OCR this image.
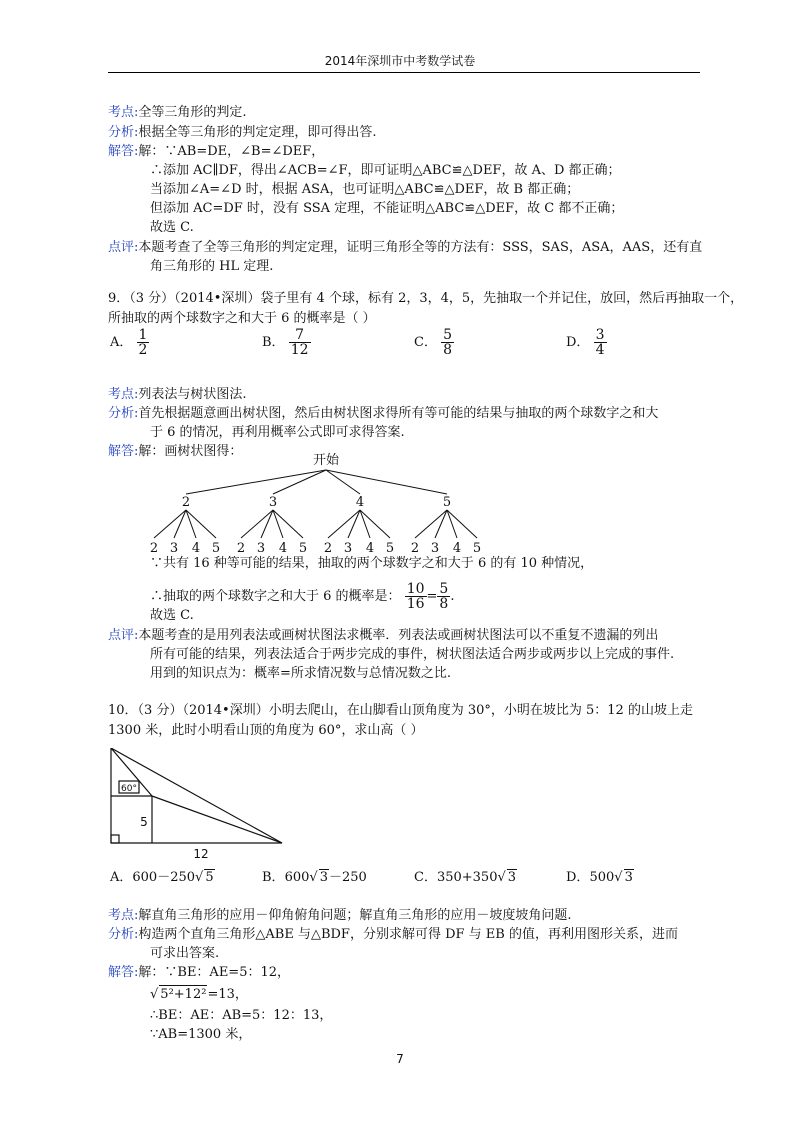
2014年深圳市中考数学试卷
考点:全等三角形的判定.
分析:根据全等三角形的判定定理，即可得出答.
解答:解：∵AB=DE，∠B=∠DEF，
∴添加 AC∥DF，得出∠ACB=∠F，即可证明△ABC≌△DEF，故 A、D 都正确；
当添加∠A=∠D 时，根据 ASA，也可证明△ABC≌△DEF，故 B 都正确；
但添加 AC=DF 时，没有 SSA 定理，不能证明△ABC≌△DEF，故 C 都不正确；
故选 C.
点评:本题考查了全等三角形的判定定理，证明三角形全等的方法有：SSS，SAS，ASA，AAS，还有直
角三角形的 HL 定理.
9．（3 分）（2014•深圳）袋子里有 4 个球，标有 2，3，4，5，先抽取一个并记住，放回，然后再抽取一个，
所抽取的两个球数字之和大于 6 的概率是（ ）
A． $\frac{1}{2}$	B． $\frac{7}{12}$	C． $\frac{5}{8}$	D． $\frac{3}{4}$
考点:列表法与树状图法.
分析:首先根据题意画出树状图，然后由树状图求得所有等可能的结果与抽取的两个球数字之和大
于 6 的情况，再利用概率公式即可求得答案.
解答:解：画树状图得：
开始
2
2 3 4 5
3
2 3 4 5
4
2 3 4 5
5
2 3 4 5
∵共有 16 种等可能的结果，抽取的两个球数字之和大于 6 的有 10 种情况，
∴抽取的两个球数字之和大于 6 的概率是： $\frac{10}{16} = \frac{5}{8}$ .
故选 C.
点评:本题考查的是用列表法或画树状图法求概率．列表法或画树状图法可以不重复不遗漏的列出
所有可能的结果，列表法适合于两步完成的事件，树状图法适合两步或两步以上完成的事件.
用到的知识点为：概率=所求情况数与总情况数之比.
10．（3 分）（2014•深圳）小明去爬山，在山脚看山顶角度为 30°，小明在坡比为 5：12 的山坡上走
1300 米，此时小明看山顶的角度为 60°，求山高（ ）
60°
5
12
A．600－250√ 5	B．600√ 3－250	C．350+350√ 3	D．500√ 3
考点:解直角三角形的应用－仰角俯角问题；解直角三角形的应用－坡度坡角问题.
分析:构造两个直角三角形△ABE 与△BDF，分别求解可得 DF 与 EB 的值，再利用图形关系，进而
可求出答案.
解答:解：∵BE：AE=5：12，
√ 5²+12²=13，
∴BE：AE：AB=5：12：13，
∵AB=1300 米，
7
